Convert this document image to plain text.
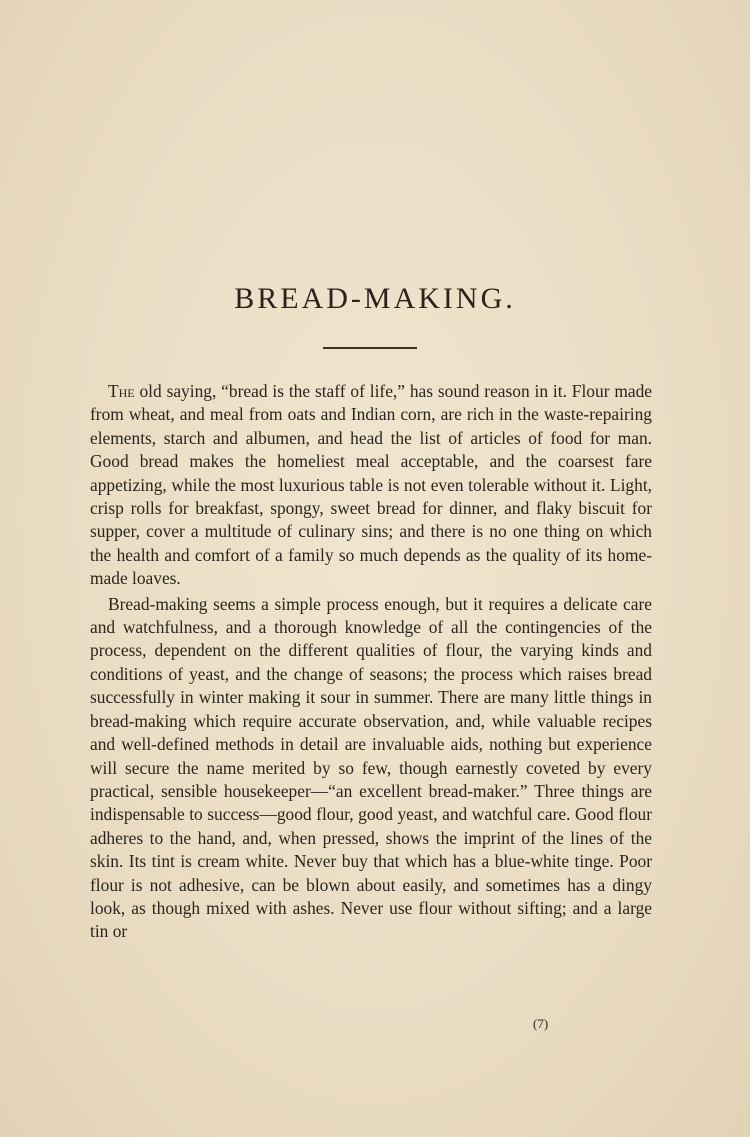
BREAD-MAKING.

The old saying, “bread is the staff of life,” has sound reason in it. Flour made from wheat, and meal from oats and Indian corn, are rich in the waste-repairing elements, starch and albumen, and head the list of articles of food for man. Good bread makes the homeliest meal acceptable, and the coarsest fare appetizing, while the most luxurious table is not even tolerable without it. Light, crisp rolls for breakfast, spongy, sweet bread for dinner, and flaky biscuit for supper, cover a multitude of culinary sins; and there is no one thing on which the health and comfort of a family so much depends as the quality of its home-made loaves.

Bread-making seems a simple process enough, but it requires a delicate care and watchfulness, and a thorough knowledge of all the contingencies of the process, dependent on the different qualities of flour, the varying kinds and conditions of yeast, and the change of seasons; the process which raises bread successfully in winter making it sour in summer. There are many little things in bread-making which require accurate observation, and, while valuable recipes and well-defined methods in detail are invaluable aids, nothing but experience will secure the name merited by so few, though earnestly coveted by every practical, sensible housekeeper—“an excellent bread-maker.” Three things are indispensable to success—good flour, good yeast, and watchful care. Good flour adheres to the hand, and, when pressed, shows the imprint of the lines of the skin. Its tint is cream white. Never buy that which has a blue-white tinge. Poor flour is not adhesive, can be blown about easily, and sometimes has a dingy look, as though mixed with ashes. Never use flour without sifting; and a large tin or

(7)
